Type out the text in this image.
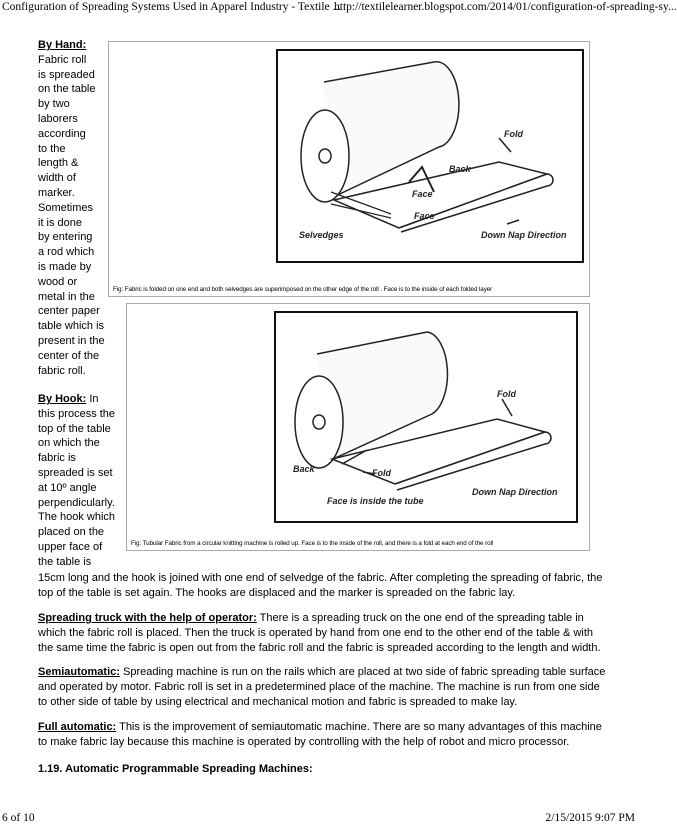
Configuration of Spreading Systems Used in Apparel Industry - Textile ...
http://textilelearner.blogspot.com/2014/01/configuration-of-spreading-sy...
By Hand:
Fabric roll
is spreaded
on the table
by two
laborers
according
to the
length &
width of
marker.
Sometimes
it is done
by entering
a rod which
is made by
wood or
metal in the
center paper
table which is
present in the
center of the
fabric roll.
By Hook: In
this process the
top of the table
on which the
fabric is
spreaded is set
at 10º angle
perpendicularly.
The hook which
placed on the
upper face of
the table is
15cm long and the hook is joined with one end of selvedge of the fabric. After completing the spreading of fabric, the top of the table is set again. The hooks are displaced and the marker is spreaded on the fabric lay.
Fold
Back
Face
Face
Selvedges	Down Nap Direction
Fig: Fabric is folded on one end and both selvedges are superimposed on the other edge of the roll . Face is to the inside of each folded layer
Fold
Back	Fold
Face is inside the tube
Down Nap Direction
Fig: Tubular Fabric from a circular knitting machine is rolled up. Face is to the inside of the roll, and there is a fold at each end of the roll
Spreading truck with the help of operator: There is a spreading truck on the one end of the spreading table in which the fabric roll is placed. Then the truck is operated by hand from one end to the other end of the table & with the same time the fabric is open out from the fabric roll and the fabric is spreaded according to the length and width.
Semiautomatic: Spreading machine is run on the rails which are placed at two side of fabric spreading table surface and operated by motor. Fabric roll is set in a predetermined place of the machine. The machine is run from one side to other side of table by using electrical and mechanical motion and fabric is spreaded to make lay.
Full automatic: This is the improvement of semiautomatic machine. There are so many advantages of this machine to make fabric lay because this machine is operated by controlling with the help of robot and micro processor.
1.19. Automatic Programmable Spreading Machines:
6 of 10	2/15/2015 9:07 PM
